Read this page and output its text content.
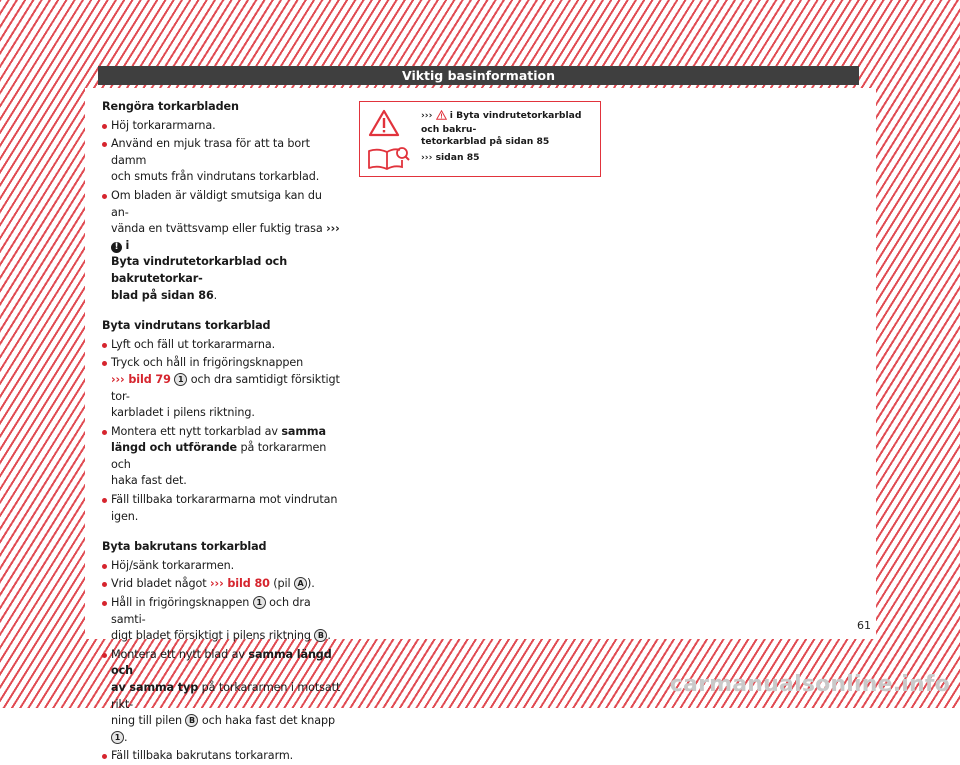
Viktig basinformation

Rengöra torkarbladen

Höj torkararmarna.
Använd en mjuk trasa för att ta bort damm
och smuts från vindrutans torkarblad.
Om bladen är väldigt smutsiga kan du an-
vända en tvättsvamp eller fuktig trasa ››› ! i
Byta vindrutetorkarblad och bakrutetorkar-
blad på sidan 86.

Byta vindrutans torkarblad

Lyft och fäll ut torkararmarna.
Tryck och håll in frigöringsknappen
››› bild 79 1 och dra samtidigt försiktigt tor-
karbladet i pilens riktning.
Montera ett nytt torkarblad av samma
längd och utförande på torkararmen och
haka fast det.
Fäll tillbaka torkararmarna mot vindrutan
igen.

Byta bakrutans torkarblad

Höj/sänk torkararmen.
Vrid bladet något ››› bild 80 (pil A ).
Håll in frigöringsknappen 1 och dra samti-
digt bladet försiktigt i pilens riktning B .
Montera ett nytt blad av samma längd och
av samma typ på torkararmen i motsatt rikt-
ning till pilen B och haka fast det knapp 1 .
Fäll tillbaka bakrutans torkararm.
›››  i Byta vindrutetorkarblad och bakru-
tetorkarblad på sidan 85
››› sidan 85
61
carmanualsonline.info
